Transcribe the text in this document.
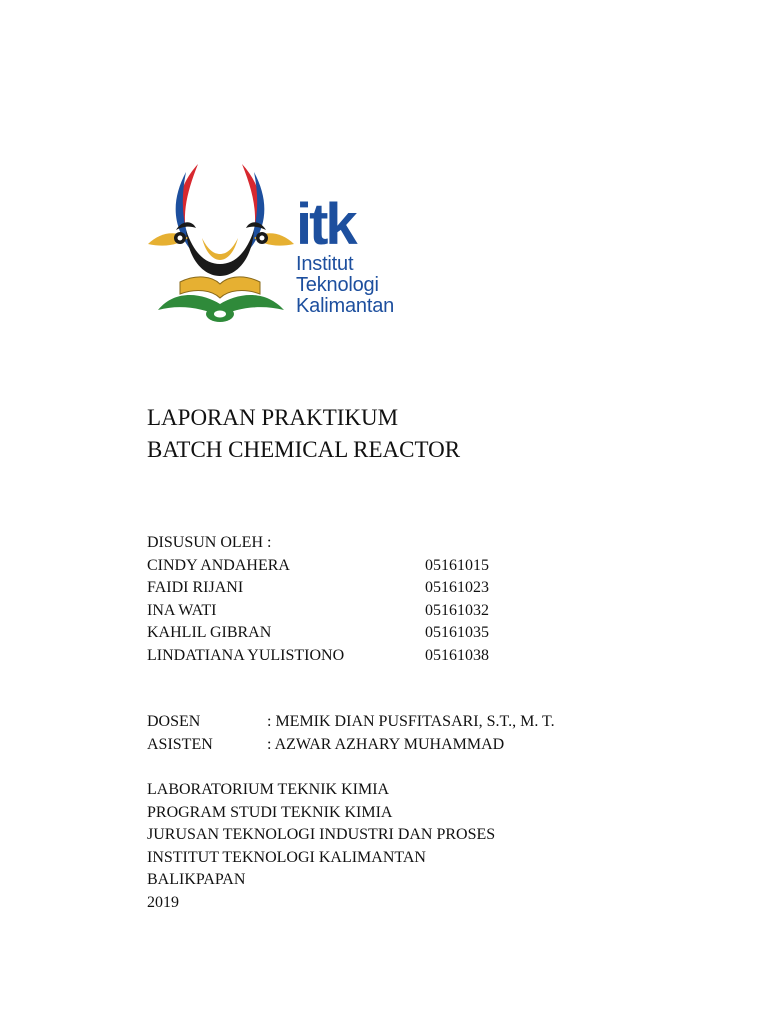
itk
Institut
Teknologi
Kalimantan
LAPORAN PRAKTIKUM
BATCH CHEMICAL REACTOR
DISUSUN OLEH :
CINDY ANDAHERA	05161015
FAIDI RIJANI	05161023
INA WATI	05161032
KAHLIL GIBRAN	05161035
LINDATIANA YULISTIONO	05161038
DOSEN	: MEMIK DIAN PUSFITASARI, S.T., M. T.
ASISTEN	: AZWAR AZHARY MUHAMMAD
LABORATORIUM TEKNIK KIMIA
PROGRAM STUDI TEKNIK KIMIA
JURUSAN TEKNOLOGI INDUSTRI DAN PROSES
INSTITUT TEKNOLOGI KALIMANTAN
BALIKPAPAN
2019
